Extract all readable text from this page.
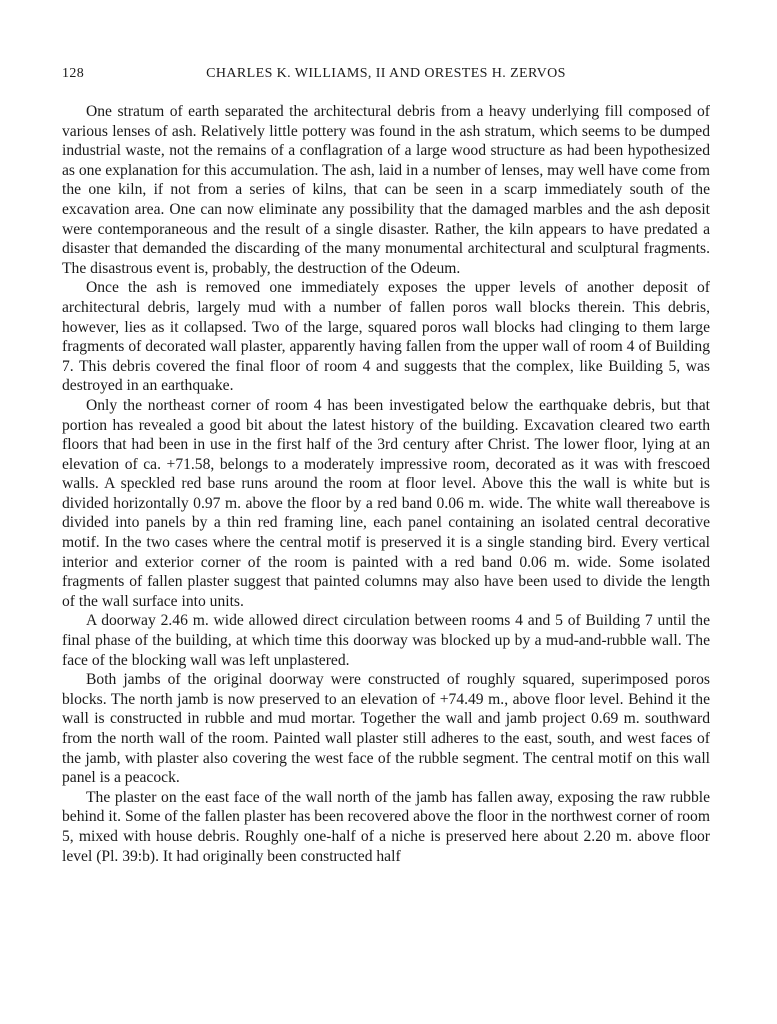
128	CHARLES K. WILLIAMS, II AND ORESTES H. ZERVOS

One stratum of earth separated the architectural debris from a heavy underlying fill composed of various lenses of ash. Relatively little pottery was found in the ash stratum, which seems to be dumped industrial waste, not the remains of a conflagration of a large wood structure as had been hypothesized as one explanation for this accumulation. The ash, laid in a number of lenses, may well have come from the one kiln, if not from a series of kilns, that can be seen in a scarp immediately south of the excavation area. One can now eliminate any possibility that the damaged marbles and the ash deposit were contemporaneous and the result of a single disaster. Rather, the kiln appears to have predated a disaster that demanded the discarding of the many monumental architectural and sculptural fragments. The disastrous event is, probably, the destruction of the Odeum.

Once the ash is removed one immediately exposes the upper levels of another deposit of architectural debris, largely mud with a number of fallen poros wall blocks therein. This debris, however, lies as it collapsed. Two of the large, squared poros wall blocks had clinging to them large fragments of decorated wall plaster, apparently having fallen from the upper wall of room 4 of Building 7. This debris covered the final floor of room 4 and suggests that the complex, like Building 5, was destroyed in an earthquake.

Only the northeast corner of room 4 has been investigated below the earthquake debris, but that portion has revealed a good bit about the latest history of the building. Excavation cleared two earth floors that had been in use in the first half of the 3rd century after Christ. The lower floor, lying at an elevation of ca. +71.58, belongs to a moderately impressive room, decorated as it was with frescoed walls. A speckled red base runs around the room at floor level. Above this the wall is white but is divided horizontally 0.97 m. above the floor by a red band 0.06 m. wide. The white wall thereabove is divided into panels by a thin red framing line, each panel containing an isolated central decorative motif. In the two cases where the central motif is preserved it is a single standing bird. Every vertical interior and exterior corner of the room is painted with a red band 0.06 m. wide. Some isolated fragments of fallen plaster suggest that painted columns may also have been used to divide the length of the wall surface into units.

A doorway 2.46 m. wide allowed direct circulation between rooms 4 and 5 of Building 7 until the final phase of the building, at which time this doorway was blocked up by a mud-and-rubble wall. The face of the blocking wall was left unplastered.

Both jambs of the original doorway were constructed of roughly squared, superimposed poros blocks. The north jamb is now preserved to an elevation of +74.49 m., above floor level. Behind it the wall is constructed in rubble and mud mortar. Together the wall and jamb project 0.69 m. southward from the north wall of the room. Painted wall plaster still adheres to the east, south, and west faces of the jamb, with plaster also covering the west face of the rubble segment. The central motif on this wall panel is a peacock.

The plaster on the east face of the wall north of the jamb has fallen away, exposing the raw rubble behind it. Some of the fallen plaster has been recovered above the floor in the northwest corner of room 5, mixed with house debris. Roughly one-half of a niche is preserved here about 2.20 m. above floor level (Pl. 39:b). It had originally been constructed half
